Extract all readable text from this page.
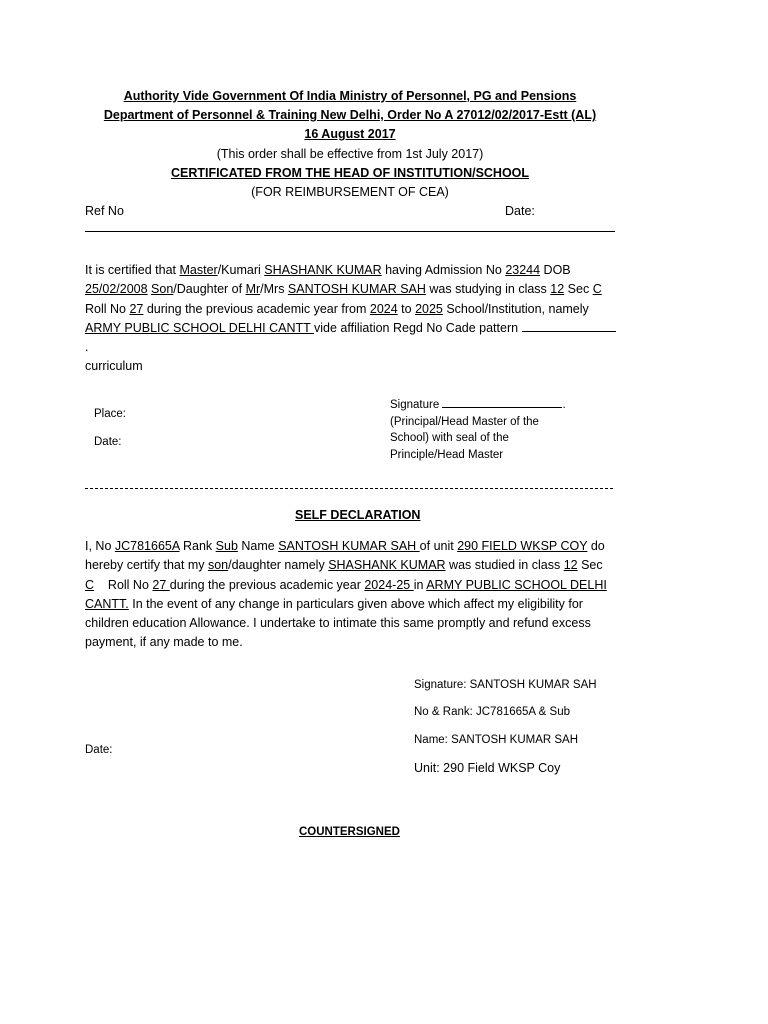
Authority Vide Government Of India Ministry of Personnel, PG and Pensions
Department of Personnel & Training New Delhi, Order No A 27012/02/2017-Estt (AL)
16 August 2017
(This order shall be effective from 1st July 2017)
CERTIFICATED FROM THE HEAD OF INSTITUTION/SCHOOL
(FOR REIMBURSEMENT OF CEA)
Ref No	Date:
It is certified that Master/Kumari SHASHANK KUMAR having Admission No 23244 DOB
25/02/2008 Son/Daughter of Mr/Mrs SANTOSH KUMAR SAH was studying in class 12 Sec C
Roll No 27 during the previous academic year from 2024 to 2025 School/Institution, namely
ARMY PUBLIC SCHOOL DELHI CANTT vide affiliation Regd No Cade pattern .
curriculum
Place:
Date:
Signature	.
(Principal/Head Master of the
School) with seal of the
Principle/Head Master
SELF DECLARATION
I, No JC781665A Rank Sub Name SANTOSH KUMAR SAH of unit 290 FIELD WKSP COY do
hereby certify that my son/daughter namely SHASHANK KUMAR was studied in class 12 Sec
C    Roll No 27 during the previous academic year 2024-25 in ARMY PUBLIC SCHOOL DELHI
CANTT. In the event of any change in particulars given above which affect my eligibility for
children education Allowance. I undertake to intimate this same promptly and refund excess
payment, if any made to me.
Signature: SANTOSH KUMAR SAH
No & Rank: JC781665A & Sub
Name: SANTOSH KUMAR SAH
Unit: 290 Field WKSP Coy
Date:
COUNTERSIGNED
